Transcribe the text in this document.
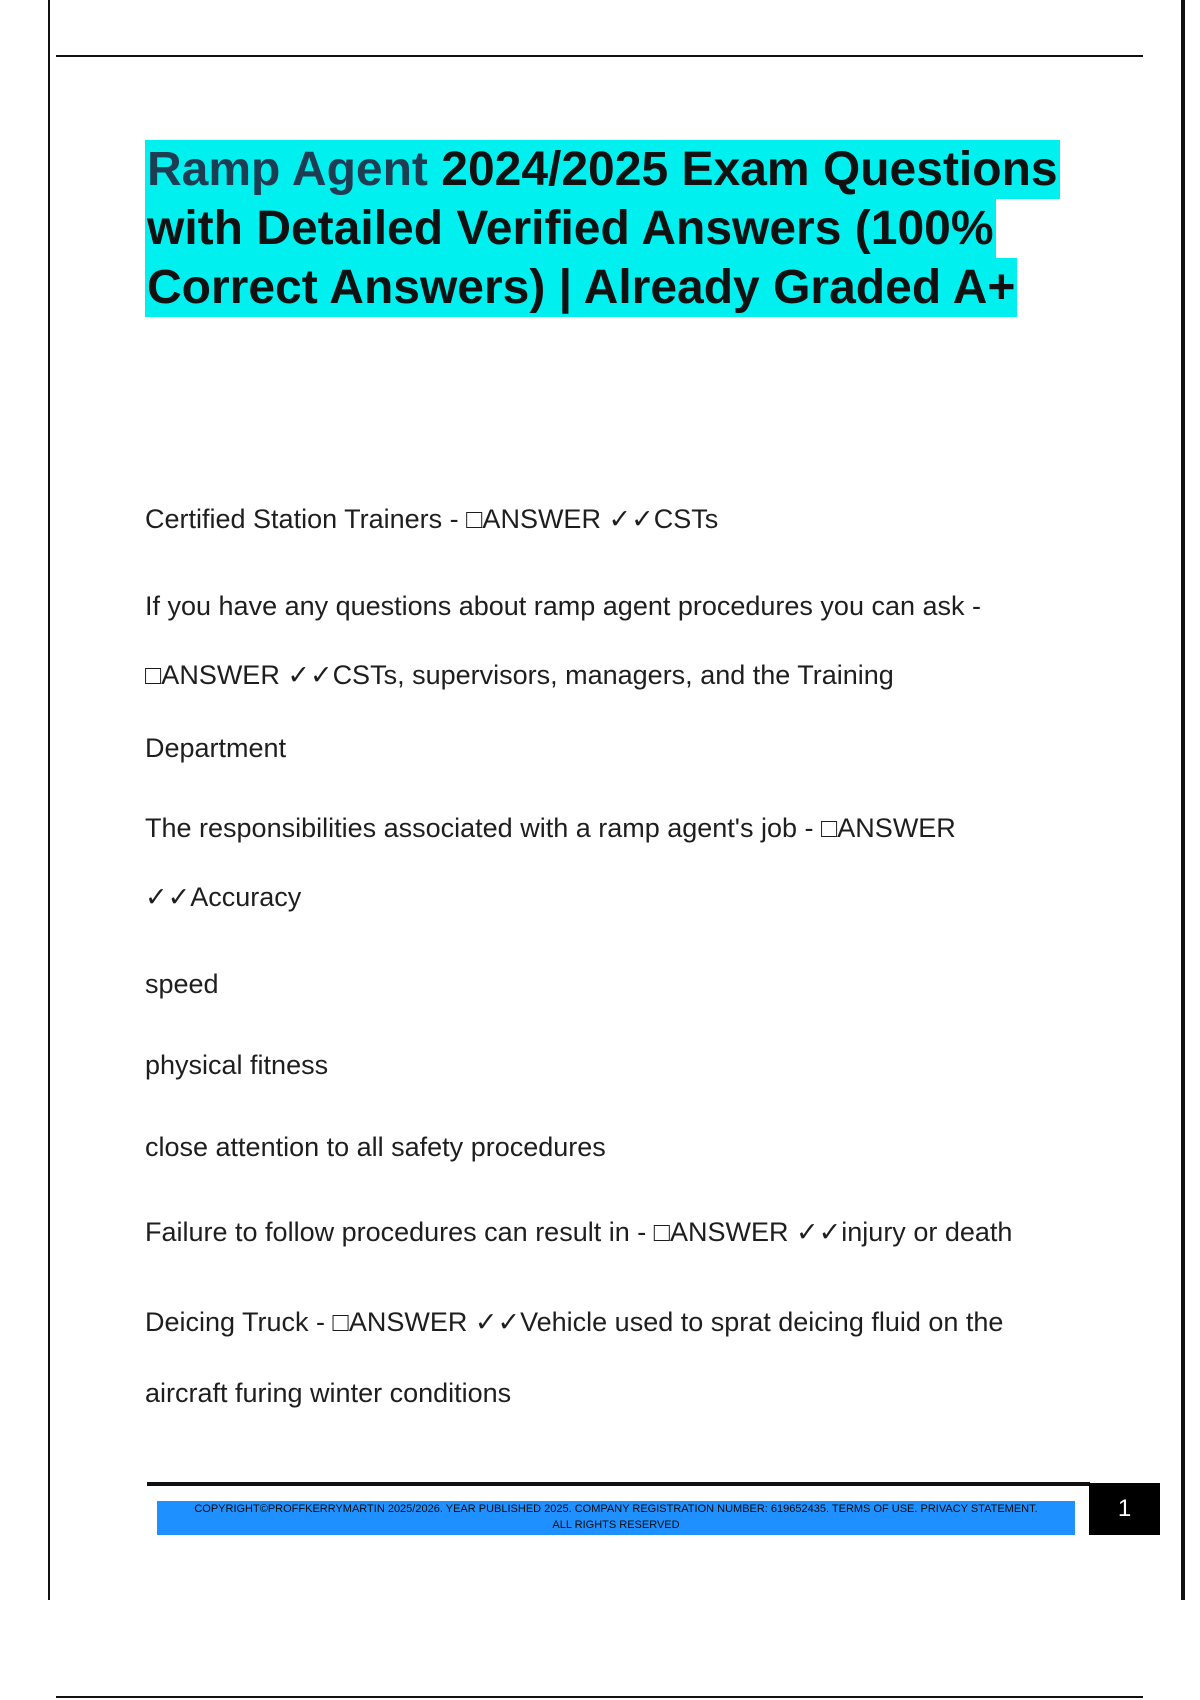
Ramp Agent 2024/2025 Exam Questions
with Detailed Verified Answers (100%
Correct Answers) | Already Graded A+

Certified Station Trainers - □ANSWER ✓✓CSTs

If you have any questions about ramp agent procedures you can ask -

□ANSWER ✓✓CSTs, supervisors, managers, and the Training

Department

The responsibilities associated with a ramp agent's job - □ANSWER

✓✓Accuracy

speed

physical fitness

close attention to all safety procedures

Failure to follow procedures can result in - □ANSWER ✓✓injury or death

Deicing Truck - □ANSWER ✓✓Vehicle used to sprat deicing fluid on the

aircraft furing winter conditions

COPYRIGHT©PROFFKERRYMARTIN 2025/2026. YEAR PUBLISHED 2025. COMPANY REGISTRATION NUMBER: 619652435. TERMS OF USE. PRIVACY STATEMENT.
ALL RIGHTS RESERVED
1
